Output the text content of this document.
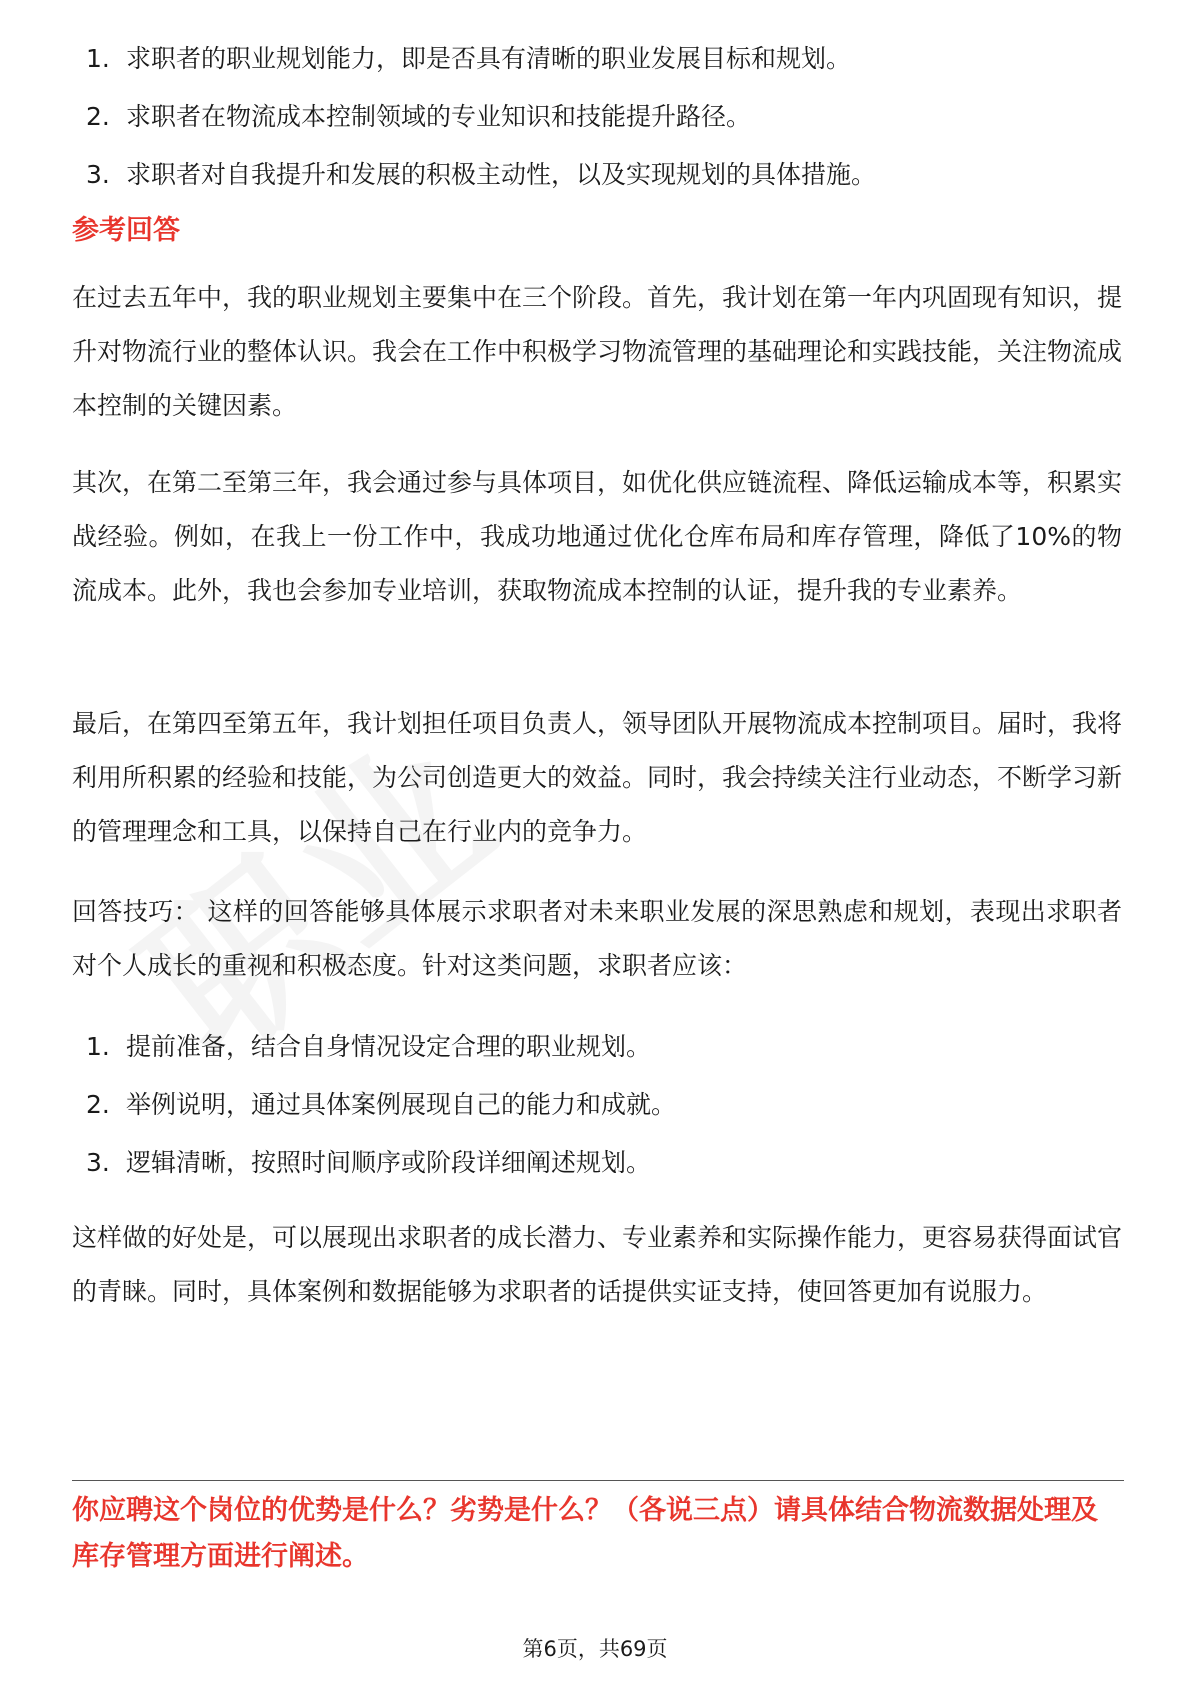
1. 求职者的职业规划能力，即是否具有清晰的职业发展目标和规划。
2. 求职者在物流成本控制领域的专业知识和技能提升路径。
3. 求职者对自我提升和发展的积极主动性，以及实现规划的具体措施。
参考回答

在过去五年中，我的职业规划主要集中在三个阶段。首先，我计划在第一年内巩固现有知识，提升对物流行业的整体认识。我会在工作中积极学习物流管理的基础理论和实践技能，关注物流成本控制的关键因素。

其次，在第二至第三年，我会通过参与具体项目，如优化供应链流程、降低运输成本等，积累实战经验。例如，在我上一份工作中，我成功地通过优化仓库布局和库存管理，降低了10%的物流成本。此外，我也会参加专业培训，获取物流成本控制的认证，提升我的专业素养。

最后，在第四至第五年，我计划担任项目负责人，领导团队开展物流成本控制项目。届时，我将利用所积累的经验和技能，为公司创造更大的效益。同时，我会持续关注行业动态，不断学习新的管理理念和工具，以保持自己在行业内的竞争力。

回答技巧： 这样的回答能够具体展示求职者对未来职业发展的深思熟虑和规划，表现出求职者对个人成长的重视和积极态度。针对这类问题，求职者应该：

1. 提前准备，结合自身情况设定合理的职业规划。
2. 举例说明，通过具体案例展现自己的能力和成就。
3. 逻辑清晰，按照时间顺序或阶段详细阐述规划。

这样做的好处是，可以展现出求职者的成长潜力、专业素养和实际操作能力，更容易获得面试官的青睐。同时，具体案例和数据能够为求职者的话提供实证支持，使回答更加有说服力。

你应聘这个岗位的优势是什么？劣势是什么？（各说三点）请具体结合物流数据处理及库存管理方面进行阐述。
第6页，共69页
